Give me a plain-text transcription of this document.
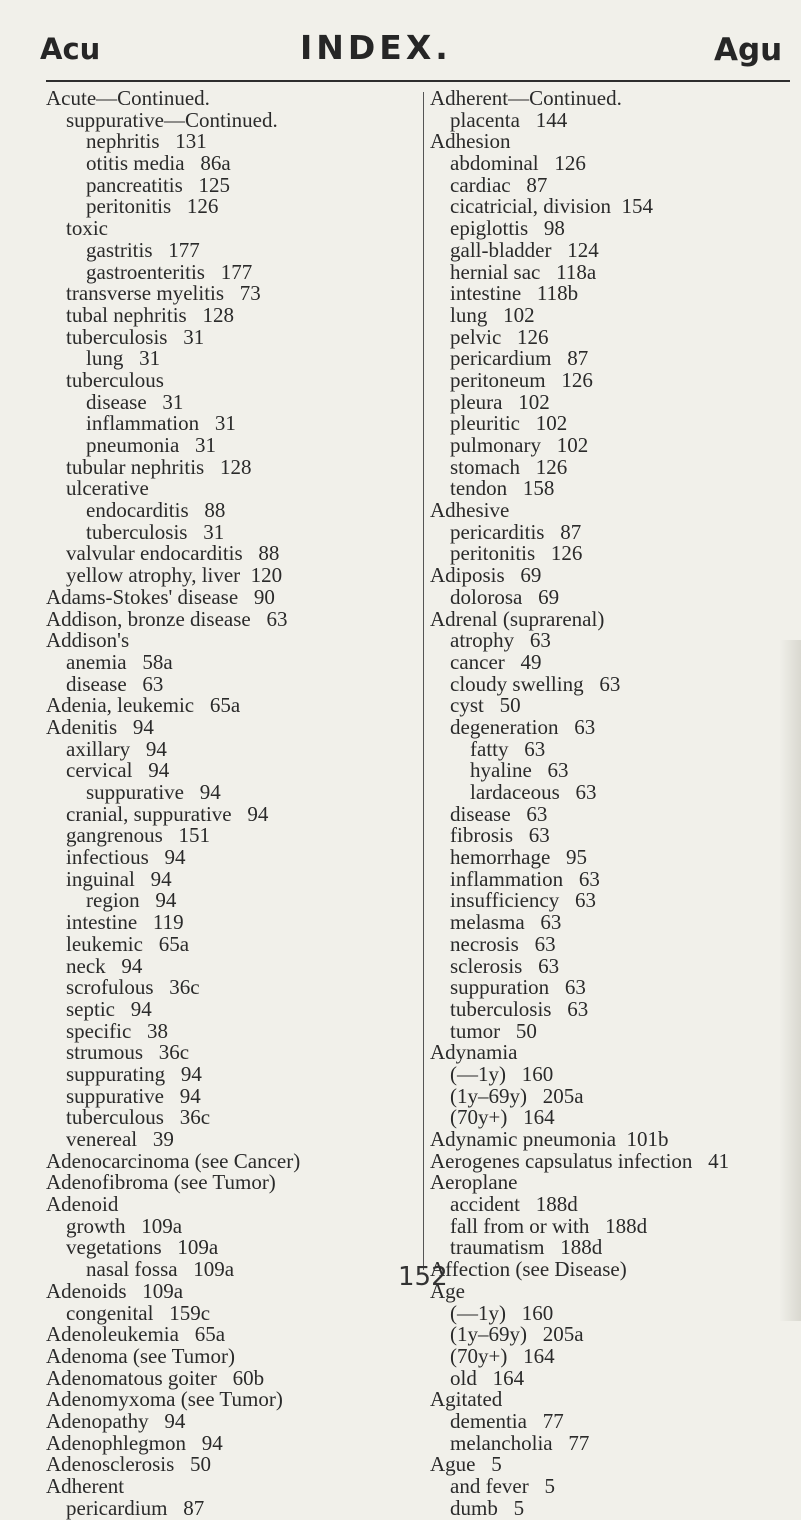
Acu	INDEX.	Agu
Acute—Continued.
suppurative—Continued.
nephritis   131
otitis media   86a
pancreatitis   125
peritonitis   126
toxic
gastritis   177
gastroenteritis   177
transverse myelitis   73
tubal nephritis   128
tuberculosis   31
lung   31
tuberculous
disease   31
inflammation   31
pneumonia   31
tubular nephritis   128
ulcerative
endocarditis   88
tuberculosis   31
valvular endocarditis   88
yellow atrophy, liver  120
Adams-Stokes' disease   90
Addison, bronze disease   63
Addison's
anemia   58a
disease   63
Adenia, leukemic   65a
Adenitis   94
axillary   94
cervical   94
suppurative   94
cranial, suppurative   94
gangrenous   151
infectious   94
inguinal   94
region   94
intestine   119
leukemic   65a
neck   94
scrofulous   36c
septic   94
specific   38
strumous   36c
suppurating   94
suppurative   94
tuberculous   36c
venereal   39
Adenocarcinoma (see Cancer)
Adenofibroma (see Tumor)
Adenoid
growth   109a
vegetations   109a
nasal fossa   109a
Adenoids   109a
congenital   159c
Adenoleukemia   65a
Adenoma (see Tumor)
Adenomatous goiter   60b
Adenomyxoma (see Tumor)
Adenopathy   94
Adenophlegmon   94
Adenosclerosis   50
Adherent
pericardium   87
Adherent—Continued.
placenta   144
Adhesion
abdominal   126
cardiac   87
cicatricial, division  154
epiglottis   98
gall-bladder   124
hernial sac   118a
intestine   118b
lung   102
pelvic   126
pericardium   87
peritoneum   126
pleura   102
pleuritic   102
pulmonary   102
stomach   126
tendon   158
Adhesive
pericarditis   87
peritonitis   126
Adiposis   69
dolorosa   69
Adrenal (suprarenal)
atrophy   63
cancer   49
cloudy swelling   63
cyst   50
degeneration   63
fatty   63
hyaline   63
lardaceous   63
disease   63
fibrosis   63
hemorrhage   95
inflammation   63
insufficiency   63
melasma   63
necrosis   63
sclerosis   63
suppuration   63
tuberculosis   63
tumor   50
Adynamia
(—1y)   160
(1y–69y)   205a
(70y+)   164
Adynamic pneumonia  101b
Aerogenes capsulatus infection   41
Aeroplane
accident   188d
fall from or with   188d
traumatism   188d
Affection (see Disease)
Age
(—1y)   160
(1y–69y)   205a
(70y+)   164
old   164
Agitated
dementia   77
melancholia   77
Ague   5
and fever   5
dumb   5
152
